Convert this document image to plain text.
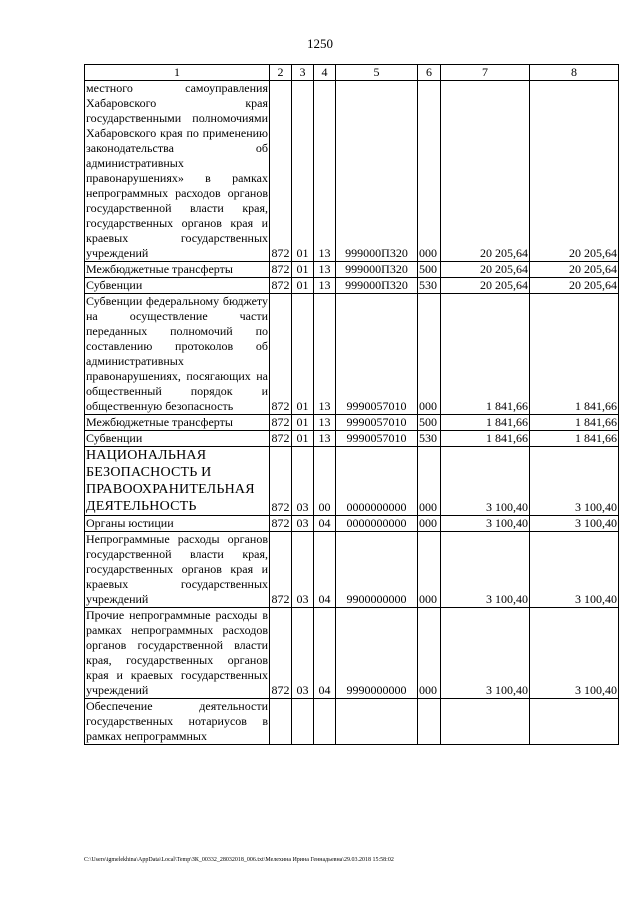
1250
1	2	3	4	5	6	7	8
местного самоуправления Хабаровского края государственными полномочиями Хабаровского края по применению законодательства об административных правонарушениях» в рамках непрограммных расходов органов государственной власти края, государственных органов края и краевых государственных учреждений	872	01	13	999000П320	000	20 205,64	20 205,64
Межбюджетные трансферты	872	01	13	999000П320	500	20 205,64	20 205,64
Субвенции	872	01	13	999000П320	530	20 205,64	20 205,64
Субвенции федеральному бюджету на осуществление части переданных полномочий по составлению протоколов об административных правонарушениях, посягающих на общественный порядок и общественную безопасность	872	01	13	9990057010	000	1 841,66	1 841,66
Межбюджетные трансферты	872	01	13	9990057010	500	1 841,66	1 841,66
Субвенции	872	01	13	9990057010	530	1 841,66	1 841,66
НАЦИОНАЛЬНАЯ БЕЗОПАСНОСТЬ И ПРАВООХРАНИТЕЛЬНАЯ ДЕЯТЕЛЬНОСТЬ	872	03	00	0000000000	000	3 100,40	3 100,40
Органы юстиции	872	03	04	0000000000	000	3 100,40	3 100,40
Непрограммные расходы органов государственной власти края, государственных органов края и краевых государственных учреждений	872	03	04	9900000000	000	3 100,40	3 100,40
Прочие непрограммные расходы в рамках непрограммных расходов органов государственной власти края, государственных органов края и краевых государственных учреждений	872	03	04	9990000000	000	3 100,40	3 100,40
Обеспечение деятельности государственных нотариусов в рамках непрограммных							
C:\Users\igmelekhina\AppData\Local\Temp\ЗК_00332_28032018_006.txt\Мелехина Ирина Геннадьевна\29.03.2018 15:58:02
